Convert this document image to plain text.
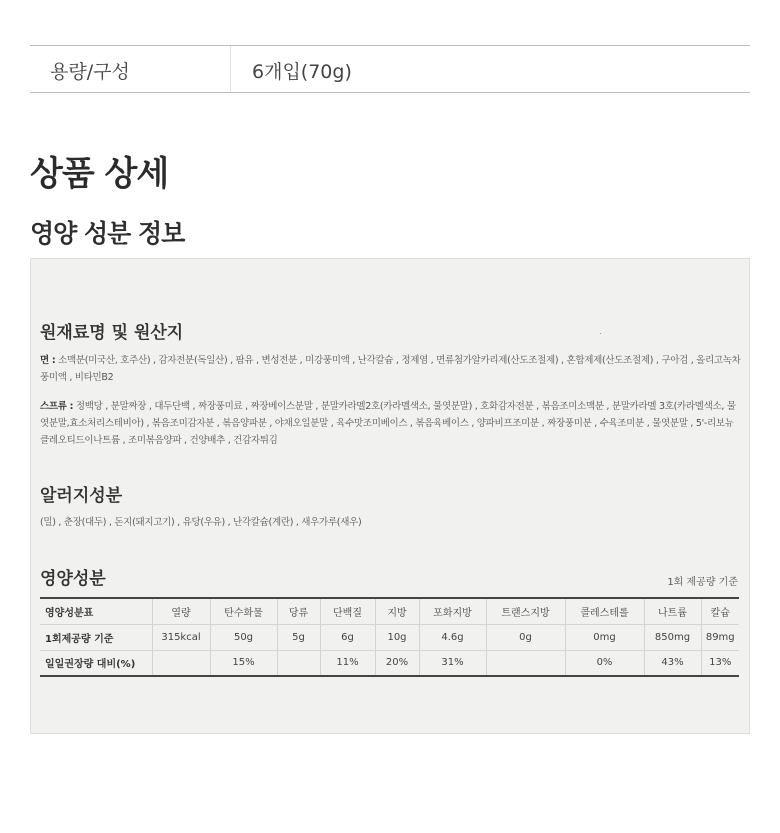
용량/구성	6개입(70g)
상품 상세
영양 성분 정보
원재료명 및 원산지
면 : 소맥분(미국산, 호주산) , 감자전분(독일산) , 팜유 , 변성전분 , 미강풍미액 , 난각칼슘 , 정제염 , 면류첨가알카리제(산도조절제) , 혼합제제(산도조절제) , 구아검 , 올리고녹차풍미액 , 비타민B2
스프류 : 정백당 , 분말짜장 , 대두단백 , 짜장풍미료 , 짜장베이스분말 , 분말카라멜2호(카라멜색소, 물엿분말) , 호화감자전분 , 볶음조미소맥분 , 분말카라멜 3호(카라멜색소, 물엿분말,효소처리스테비아) , 볶음조미감자분 , 볶음양파분 , 야채오일분말 , 육수맛조미베이스 , 볶음육베이스 , 양파비프조미분 , 짜장풍미분 , 수육조미분 , 물엿분말 , 5'-리보뉴클레오티드이나트륨 , 조미볶음양파 , 건양배추 , 건감자튀김
알러지성분
(밀) , 춘장(대두) , 돈지(돼지고기) , 유당(우유) , 난각칼슘(계란) , 새우가루(새우)
영양성분	1회 제공량 기준
영양성분표	열량	탄수화물	당류	단백질	지방	포화지방	트랜스지방	콜레스테롤	나트륨	칼슘
1회제공량 기준	315kcal	50g	5g	6g	10g	4.6g	0g	0mg	850mg	89mg
일일권장량 대비(%)		15%		11%	20%	31%		0%	43%	13%
